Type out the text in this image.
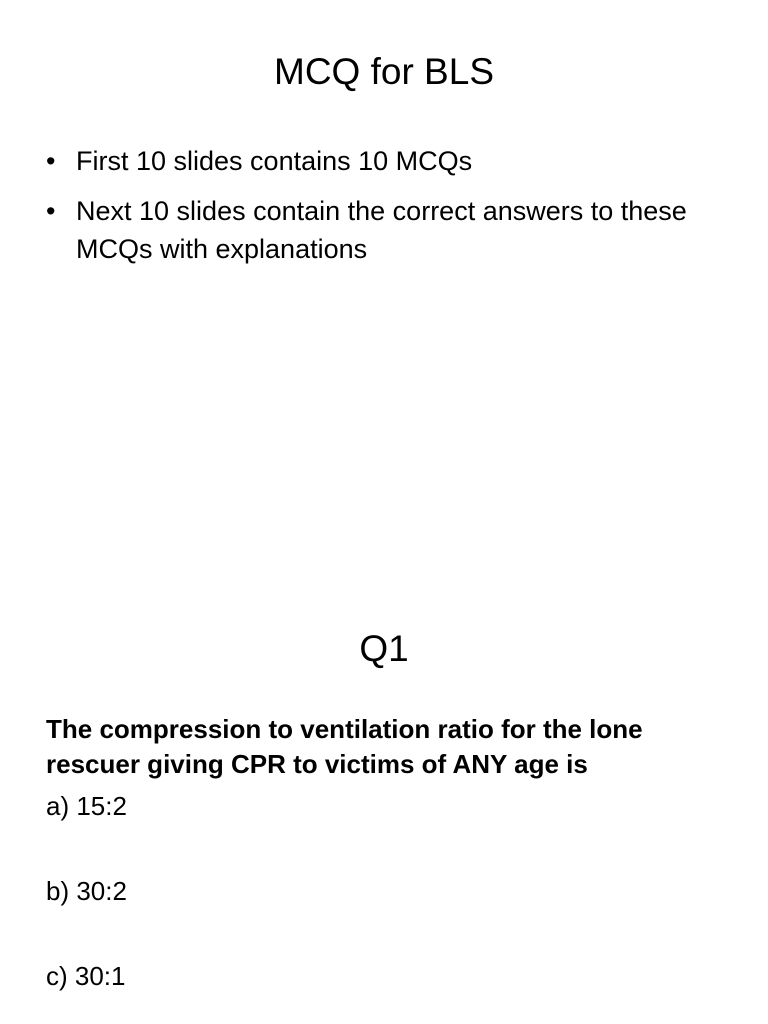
MCQ for BLS
• First 10 slides contains 10 MCQs
• Next 10 slides contain the correct answers to these MCQs with explanations
Q1

The compression to ventilation ratio for the lone rescuer giving CPR to victims of ANY age is

a) 15:2

b) 30:2

c) 30:1
